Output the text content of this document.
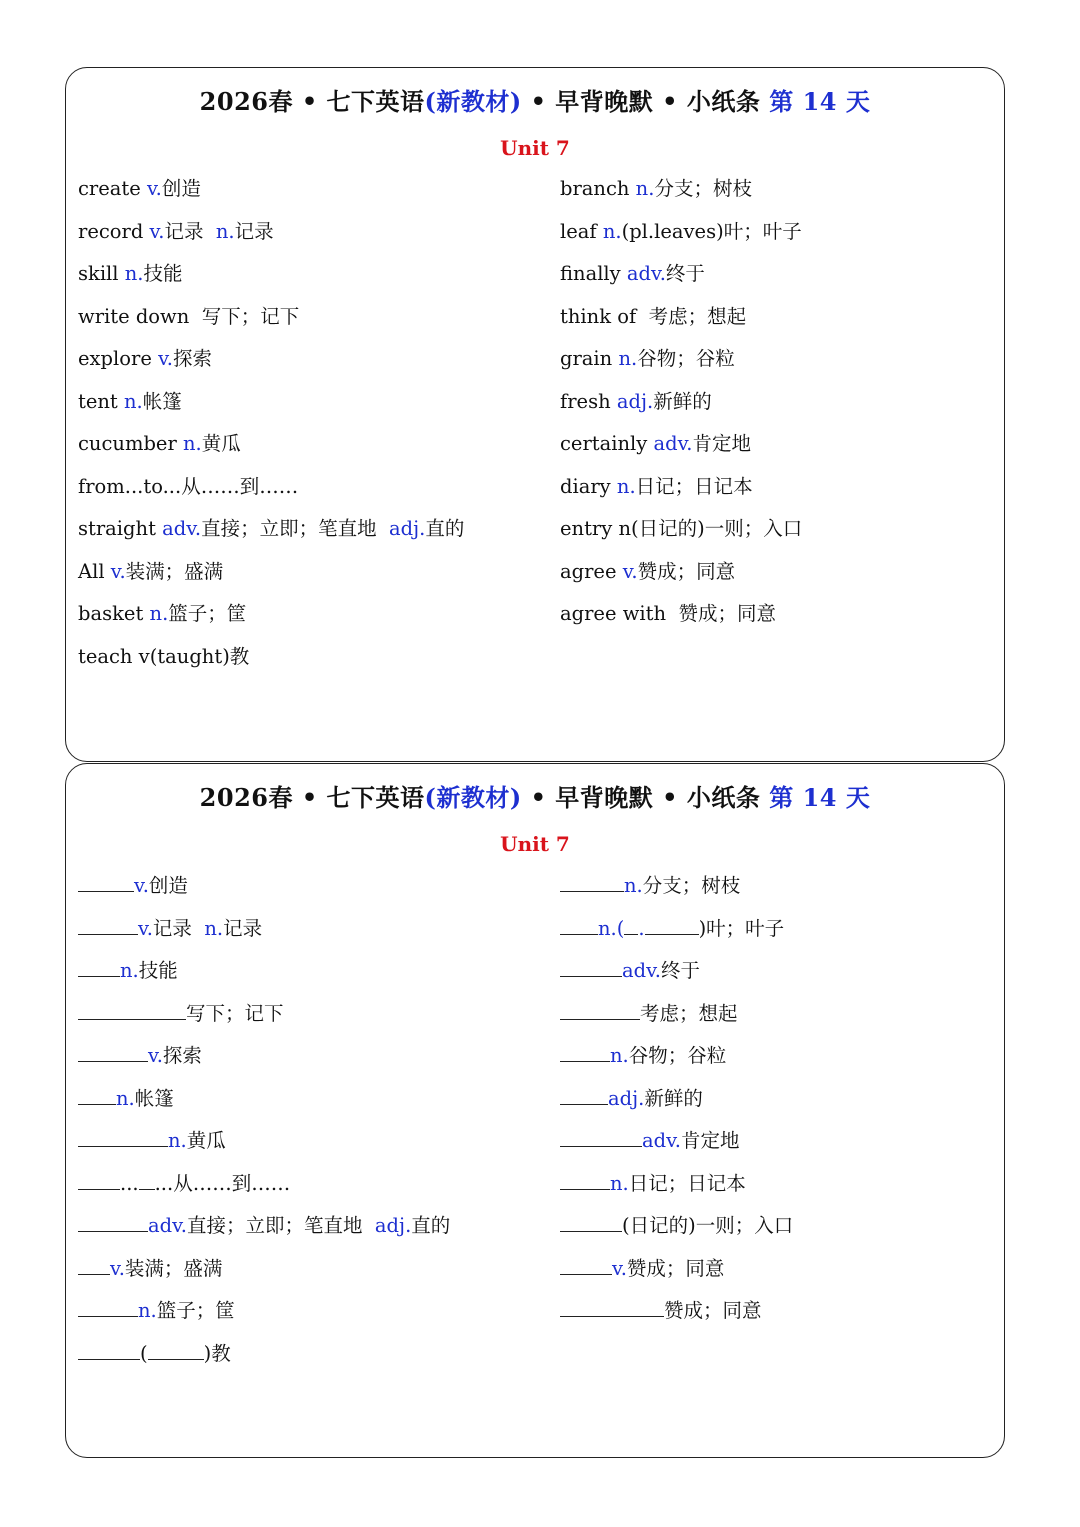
2026春 • 七下英语(新教材) • 早背晚默 • 小纸条 第 14 天
Unit 7
create v.创造
record v.记录  n.记录
skill n.技能
write down  写下；记下
explore v.探索
tent n.帐篷
cucumber n.黄瓜
from...to...从……到……
straight adv.直接；立即；笔直地  adj.直的
All v.装满；盛满
basket n.篮子；筐
teach v(taught)教
branch n.分支；树枝
leaf n.(pl.leaves)叶；叶子
finally adv.终于
think of  考虑；想起
grain n.谷物；谷粒
fresh adj.新鲜的
certainly adv.肯定地
diary n.日记；日记本
entry n(日记的)一则；入口
agree v.赞成；同意
agree with  赞成；同意
2026春 • 七下英语(新教材) • 早背晚默 • 小纸条 第 14 天
Unit 7
v.创造
v.记录  n.记录
n.技能
写下；记下
v.探索
n.帐篷
n.黄瓜
... ...从……到……
adv.直接；立即；笔直地  adj.直的
v.装满；盛满
n.篮子；筐
(	)教
n.分支；树枝
n.( .	)叶；叶子
adv.终于
考虑；想起
n.谷物；谷粒
adj.新鲜的
adv.肯定地
n.日记；日记本
(日记的)一则；入口
v.赞成；同意
赞成；同意
